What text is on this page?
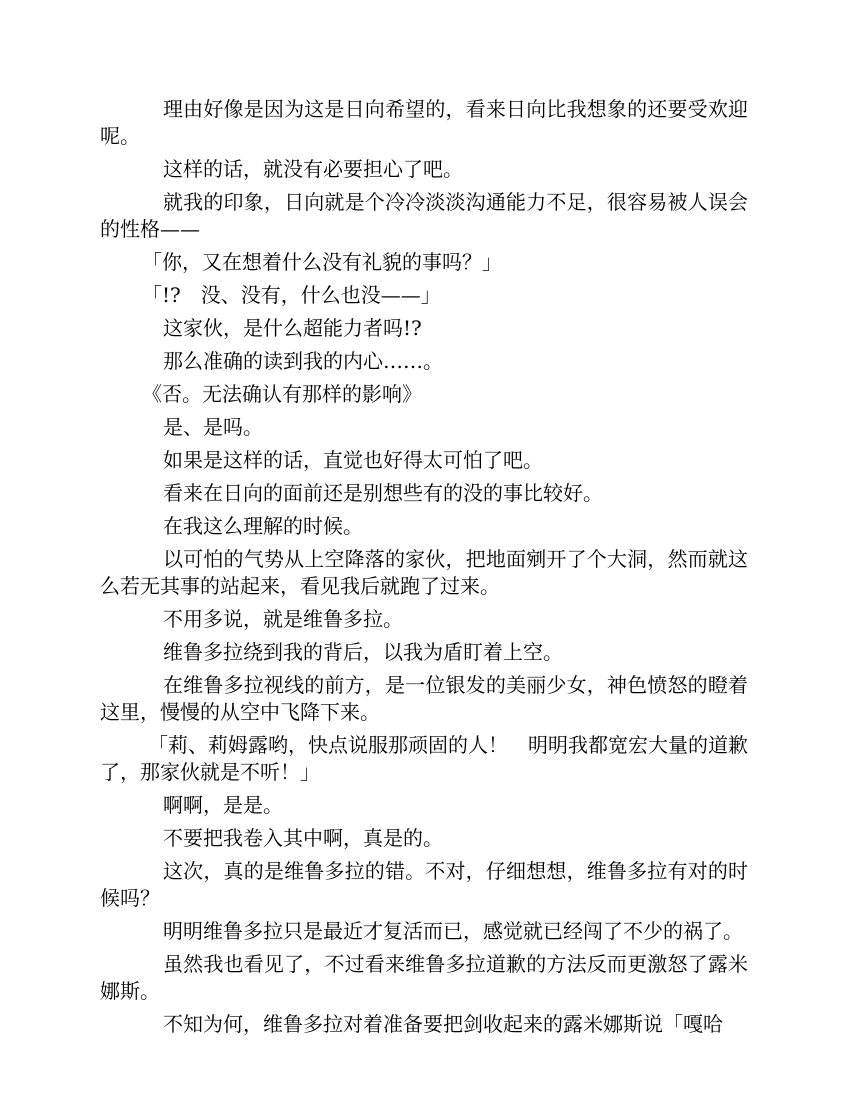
理由好像是因为这是日向希望的，看来日向比我想象的还要受欢迎呢。

这样的话，就没有必要担心了吧。

就我的印象，日向就是个冷冷淡淡沟通能力不足，很容易被人误会的性格——

「你，又在想着什么没有礼貌的事吗？」

「!?　没、没有，什么也没——」

这家伙，是什么超能力者吗!?

那么准确的读到我的内心……。

《否。无法确认有那样的影响》

是、是吗。

如果是这样的话，直觉也好得太可怕了吧。

看来在日向的面前还是别想些有的没的事比较好。

在我这么理解的时候。

以可怕的气势从上空降落的家伙，把地面剜开了个大洞，然而就这么若无其事的站起来，看见我后就跑了过来。

不用多说，就是维鲁多拉。

维鲁多拉绕到我的背后，以我为盾盯着上空。

在维鲁多拉视线的前方，是一位银发的美丽少女，神色愤怒的瞪着这里，慢慢的从空中飞降下来。

「莉、莉姆露哟，快点说服那顽固的人！　明明我都宽宏大量的道歉了，那家伙就是不听！」

啊啊，是是。

不要把我卷入其中啊，真是的。

这次，真的是维鲁多拉的错。不对，仔细想想，维鲁多拉有对的时候吗？

明明维鲁多拉只是最近才复活而已，感觉就已经闯了不少的祸了。

虽然我也看见了，不过看来维鲁多拉道歉的方法反而更激怒了露米娜斯。

不知为何，维鲁多拉对着准备要把剑收起来的露米娜斯说「嘎哈
